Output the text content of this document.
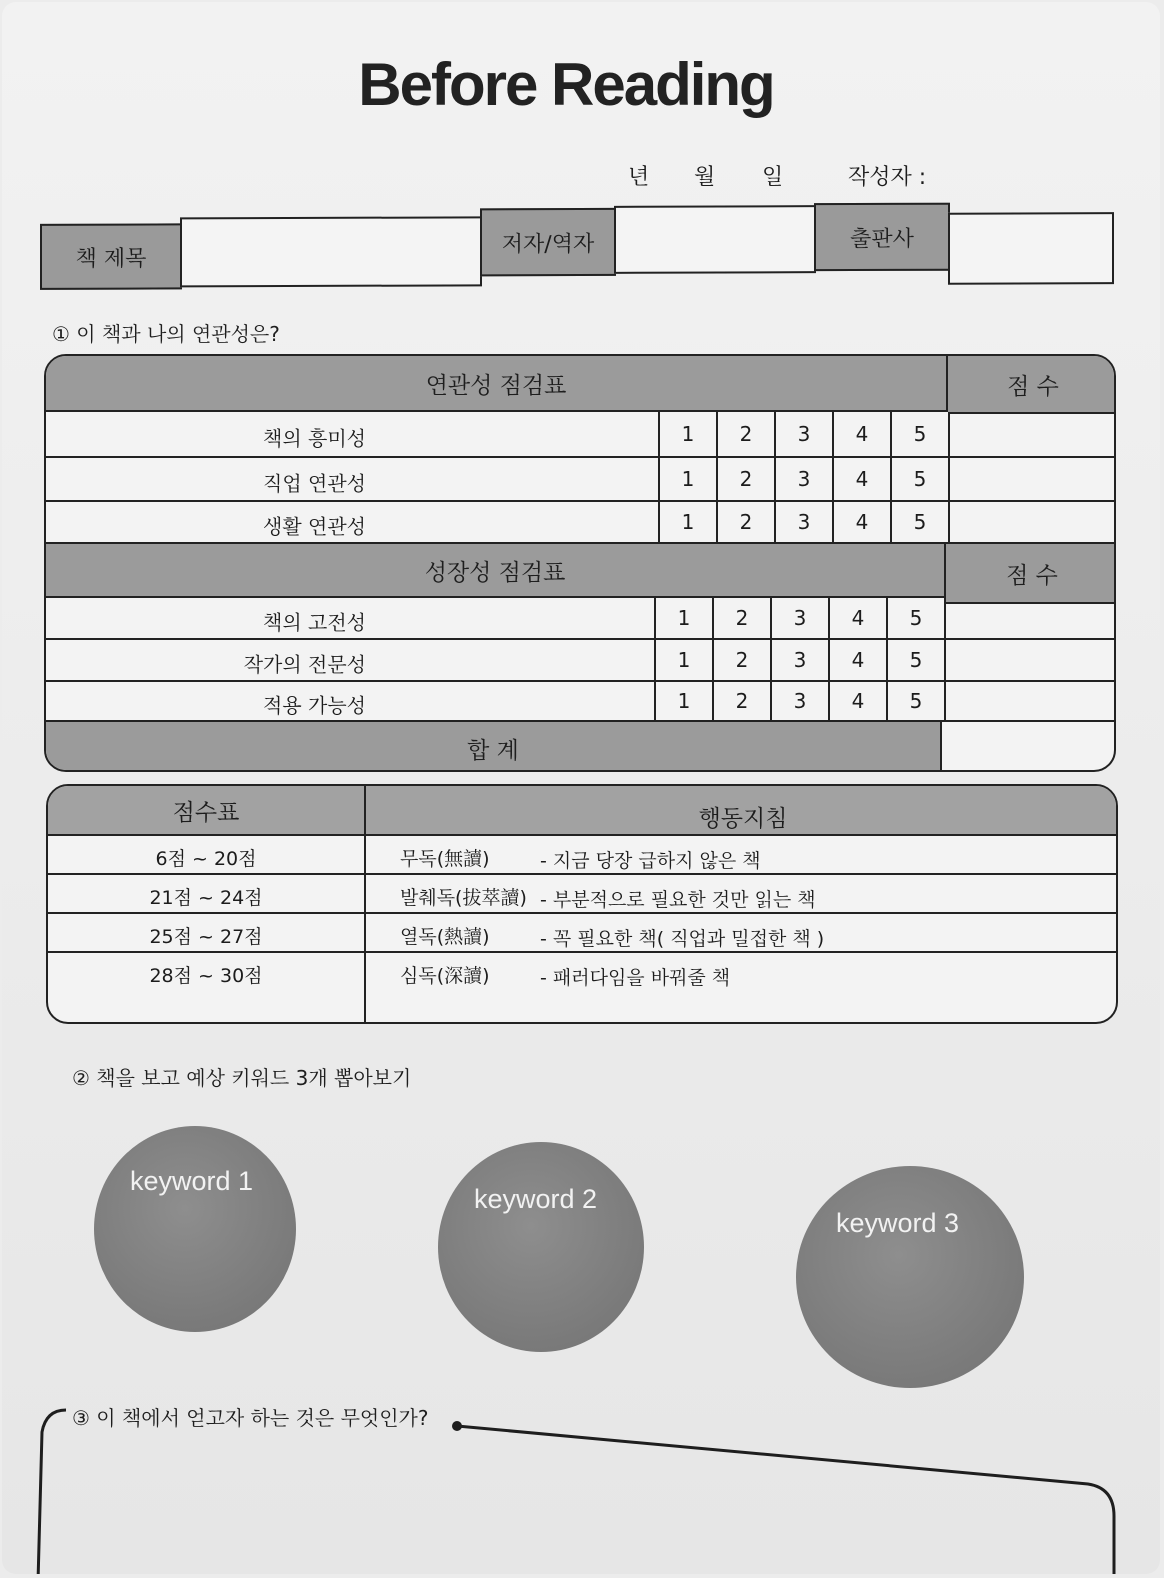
Before Reading
년 월 일	작성자 :
책 제목
저자/역자	출판사
① 이 책과 나의 연관성은?
연관성 점검표	점 수
책의 흥미성	1	2	3	4	5
직업 연관성	1	2	3	4	5
생활 연관성	1	2	3	4	5
성장성 점검표	점 수
책의 고전성	1	2	3	4	5
작가의 전문성	1	2	3	4	5
적용 가능성	1	2	3	4	5
합 계
점수표	행동지침
6점 ~ 20점	무독(無讀)	- 지금 당장 급하지 않은 책
21점 ~ 24점	발췌독(拔萃讀) - 부분적으로 필요한 것만 읽는 책
25점 ~ 27점	열독(熱讀)	- 꼭 필요한 책( 직업과 밀접한 책 )
28점 ~ 30점	심독(深讀)	- 패러다임을 바꿔줄 책
② 책을 보고 예상 키워드 3개 뽑아보기
keyword 1
keyword 2
keyword 3
③ 이 책에서 얻고자 하는 것은 무엇인가?
